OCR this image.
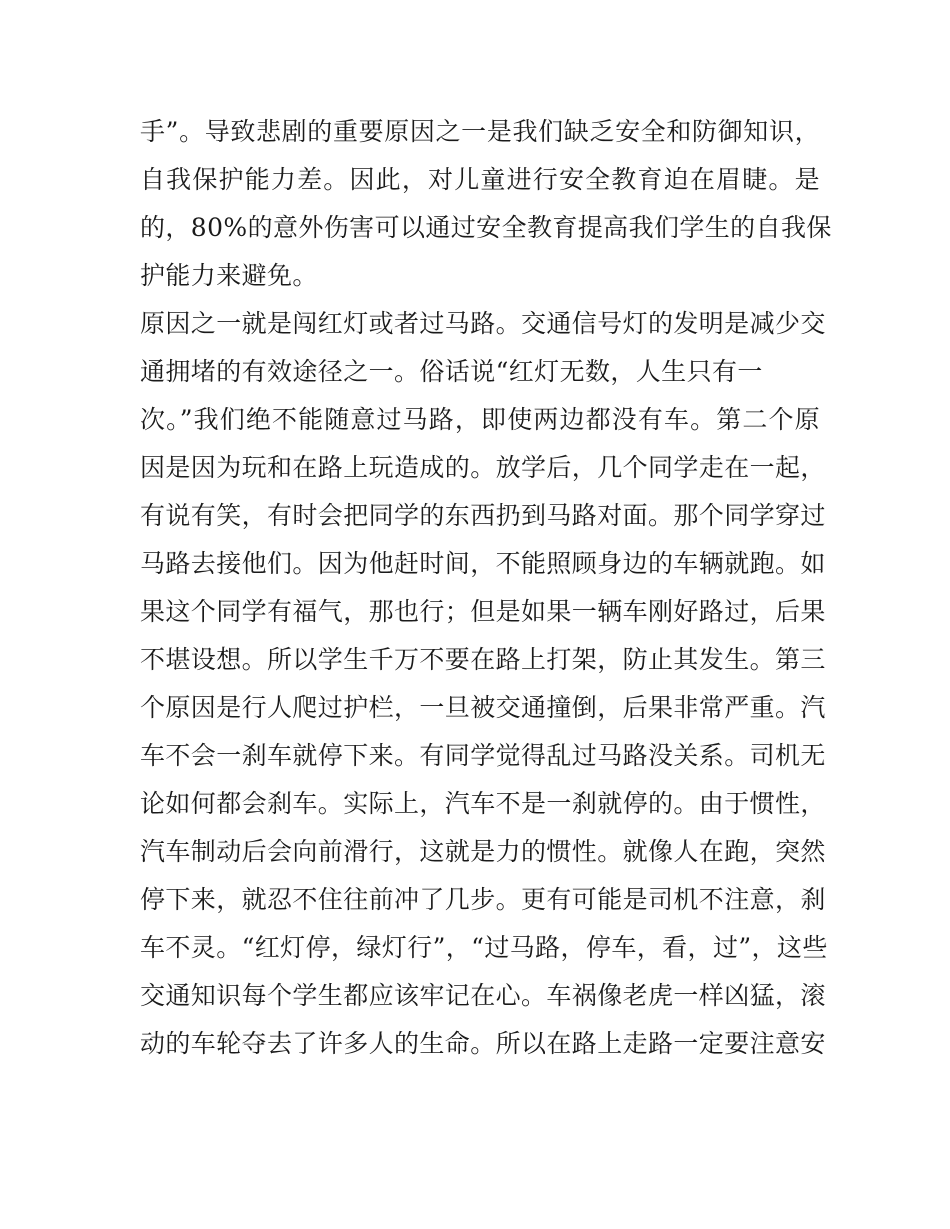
手”。导致悲剧的重要原因之一是我们缺乏安全和防御知识，

自我保护能力差。因此，对儿童进行安全教育迫在眉睫。是

的，80%的意外伤害可以通过安全教育提高我们学生的自我保

护能力来避免。

原因之一就是闯红灯或者过马路。交通信号灯的发明是减少交

通拥堵的有效途径之一。俗话说“红灯无数，人生只有一

次。”我们绝不能随意过马路，即使两边都没有车。第二个原

因是因为玩和在路上玩造成的。放学后，几个同学走在一起，

有说有笑，有时会把同学的东西扔到马路对面。那个同学穿过

马路去接他们。因为他赶时间，不能照顾身边的车辆就跑。如

果这个同学有福气，那也行；但是如果一辆车刚好路过，后果

不堪设想。所以学生千万不要在路上打架，防止其发生。第三

个原因是行人爬过护栏，一旦被交通撞倒，后果非常严重。汽

车不会一刹车就停下来。有同学觉得乱过马路没关系。司机无

论如何都会刹车。实际上，汽车不是一刹就停的。由于惯性，

汽车制动后会向前滑行，这就是力的惯性。就像人在跑，突然

停下来，就忍不住往前冲了几步。更有可能是司机不注意，刹

车不灵。“红灯停，绿灯行”，“过马路，停车，看，过”，这些

交通知识每个学生都应该牢记在心。车祸像老虎一样凶猛，滚

动的车轮夺去了许多人的生命。所以在路上走路一定要注意安
